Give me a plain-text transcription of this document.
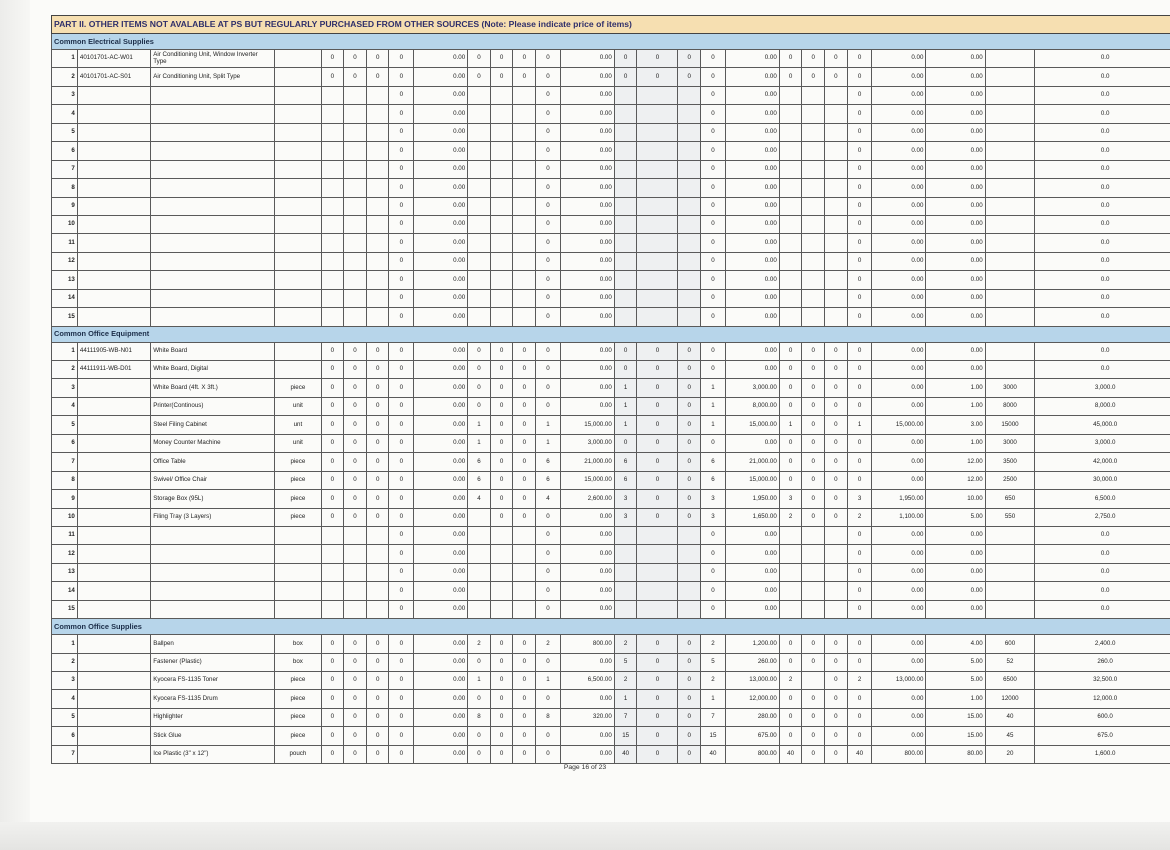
PART II. OTHER ITEMS NOT AVALABLE AT PS BUT REGULARLY PURCHASED FROM OTHER SOURCES (Note: Please indicate price of items)																										
Common Electrical Supplies																										
1	40101701-AC-W01	Air Conditioning Unit, Window Inverter Type		0	0	0	0	0.00	0	0	0	0	0.00	0	0	0	0	0.00	0	0	0	0	0.00	0.00		0.0
2	40101701-AC-S01	Air Conditioning Unit, Split Type		0	0	0	0	0.00	0	0	0	0	0.00	0	0	0	0	0.00	0	0	0	0	0.00	0.00		0.0
3							0	0.00				0	0.00				0	0.00				0	0.00	0.00		0.0
4							0	0.00				0	0.00				0	0.00				0	0.00	0.00		0.0
5							0	0.00				0	0.00				0	0.00				0	0.00	0.00		0.0
6							0	0.00				0	0.00				0	0.00				0	0.00	0.00		0.0
7							0	0.00				0	0.00				0	0.00				0	0.00	0.00		0.0
8							0	0.00				0	0.00				0	0.00				0	0.00	0.00		0.0
9							0	0.00				0	0.00				0	0.00				0	0.00	0.00		0.0
10							0	0.00				0	0.00				0	0.00				0	0.00	0.00		0.0
11							0	0.00				0	0.00				0	0.00				0	0.00	0.00		0.0
12							0	0.00				0	0.00				0	0.00				0	0.00	0.00		0.0
13							0	0.00				0	0.00				0	0.00				0	0.00	0.00		0.0
14							0	0.00				0	0.00				0	0.00				0	0.00	0.00		0.0
15							0	0.00				0	0.00				0	0.00				0	0.00	0.00		0.0
Common Office Equipment																										
1	44111905-WB-N01	White Board		0	0	0	0	0.00	0	0	0	0	0.00	0	0	0	0	0.00	0	0	0	0	0.00	0.00		0.0
2	44111911-WB-D01	White Board, Digital		0	0	0	0	0.00	0	0	0	0	0.00	0	0	0	0	0.00	0	0	0	0	0.00	0.00		0.0
3		White Board (4ft. X 3ft.)	piece	0	0	0	0	0.00	0	0	0	0	0.00	1	0	0	1	3,000.00	0	0	0	0	0.00	1.00	3000	3,000.0
4		Printer(Continous)	unit	0	0	0	0	0.00	0	0	0	0	0.00	1	0	0	1	8,000.00	0	0	0	0	0.00	1.00	8000	8,000.0
5		Steel Filing Cabinet	unt	0	0	0	0	0.00	1	0	0	1	15,000.00	1	0	0	1	15,000.00	1	0	0	1	15,000.00	3.00	15000	45,000.0
6		Money Counter Machine	unit	0	0	0	0	0.00	1	0	0	1	3,000.00	0	0	0	0	0.00	0	0	0	0	0.00	1.00	3000	3,000.0
7		Office Table	piece	0	0	0	0	0.00	6	0	0	6	21,000.00	6	0	0	6	21,000.00	0	0	0	0	0.00	12.00	3500	42,000.0
8		Swivel/ Office Chair	piece	0	0	0	0	0.00	6	0	0	6	15,000.00	6	0	0	6	15,000.00	0	0	0	0	0.00	12.00	2500	30,000.0
9		Storage Box (95L)	piece	0	0	0	0	0.00	4	0	0	4	2,600.00	3	0	0	3	1,950.00	3	0	0	3	1,950.00	10.00	650	6,500.0
10		Filing Tray (3 Layers)	piece	0	0	0	0	0.00		0	0	0	0.00	3	0	0	3	1,650.00	2	0	0	2	1,100.00	5.00	550	2,750.0
11							0	0.00				0	0.00				0	0.00				0	0.00	0.00		0.0
12							0	0.00				0	0.00				0	0.00				0	0.00	0.00		0.0
13							0	0.00				0	0.00				0	0.00				0	0.00	0.00		0.0
14							0	0.00				0	0.00				0	0.00				0	0.00	0.00		0.0
15							0	0.00				0	0.00				0	0.00				0	0.00	0.00		0.0
Common Office Supplies																										
1		Ballpen	box	0	0	0	0	0.00	2	0	0	2	800.00	2	0	0	2	1,200.00	0	0	0	0	0.00	4.00	600	2,400.0
2		Fastener (Plastic)	box	0	0	0	0	0.00	0	0	0	0	0.00	5	0	0	5	260.00	0	0	0	0	0.00	5.00	52	260.0
3		Kyocera FS-1135 Toner	piece	0	0	0	0	0.00	1	0	0	1	6,500.00	2	0	0	2	13,000.00	2		0	2	13,000.00	5.00	6500	32,500.0
4		Kyocera FS-1135 Drum	piece	0	0	0	0	0.00	0	0	0	0	0.00	1	0	0	1	12,000.00	0	0	0	0	0.00	1.00	12000	12,000.0
5		Highlighter	piece	0	0	0	0	0.00	8	0	0	8	320.00	7	0	0	7	280.00	0	0	0	0	0.00	15.00	40	600.0
6		Stick Glue	piece	0	0	0	0	0.00	0	0	0	0	0.00	15	0	0	15	675.00	0	0	0	0	0.00	15.00	45	675.0
7		Ice Plastic (3" x 12")	pouch	0	0	0	0	0.00	0	0	0	0	0.00	40	0	0	40	800.00	40	0	0	40	800.00	80.00	20	1,600.0
Page 16 of 23
